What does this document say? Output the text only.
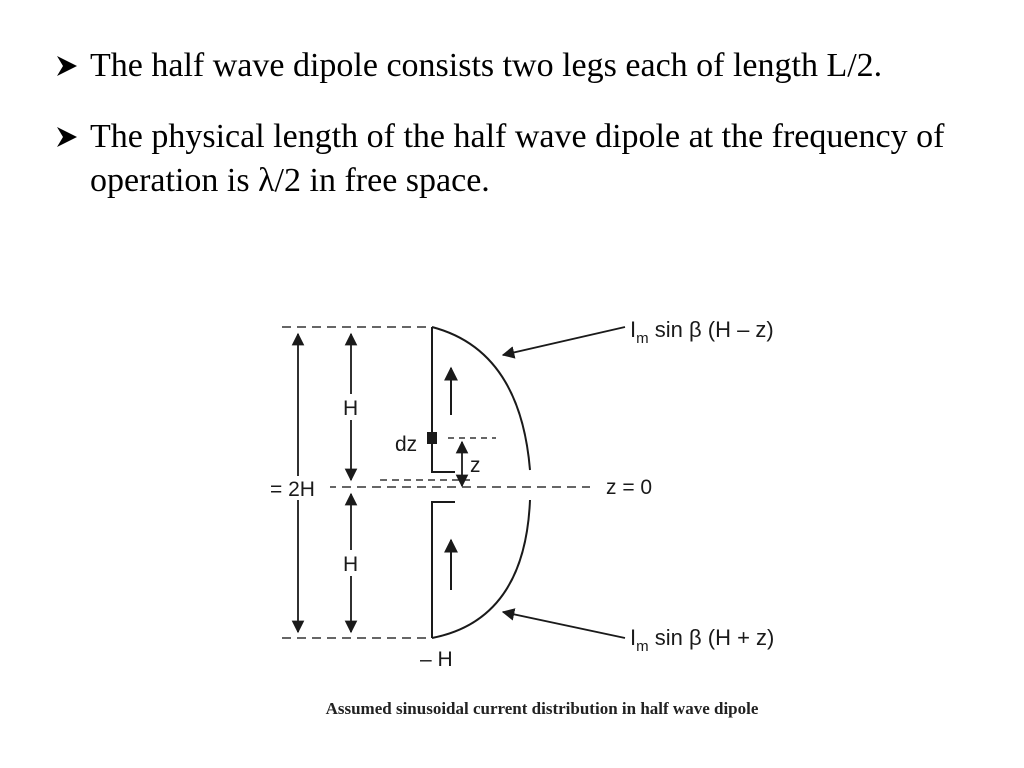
The half wave dipole consists two legs each of length L/2.
The physical length of the half wave dipole at the frequency of operation is λ/2 in free space.
$I_m$ sin β (H – z)
$I_m$ sin β (H + z)
z = 0
H
H
= 2H
dz
z
– H
Assumed sinusoidal current distribution in half wave dipole
